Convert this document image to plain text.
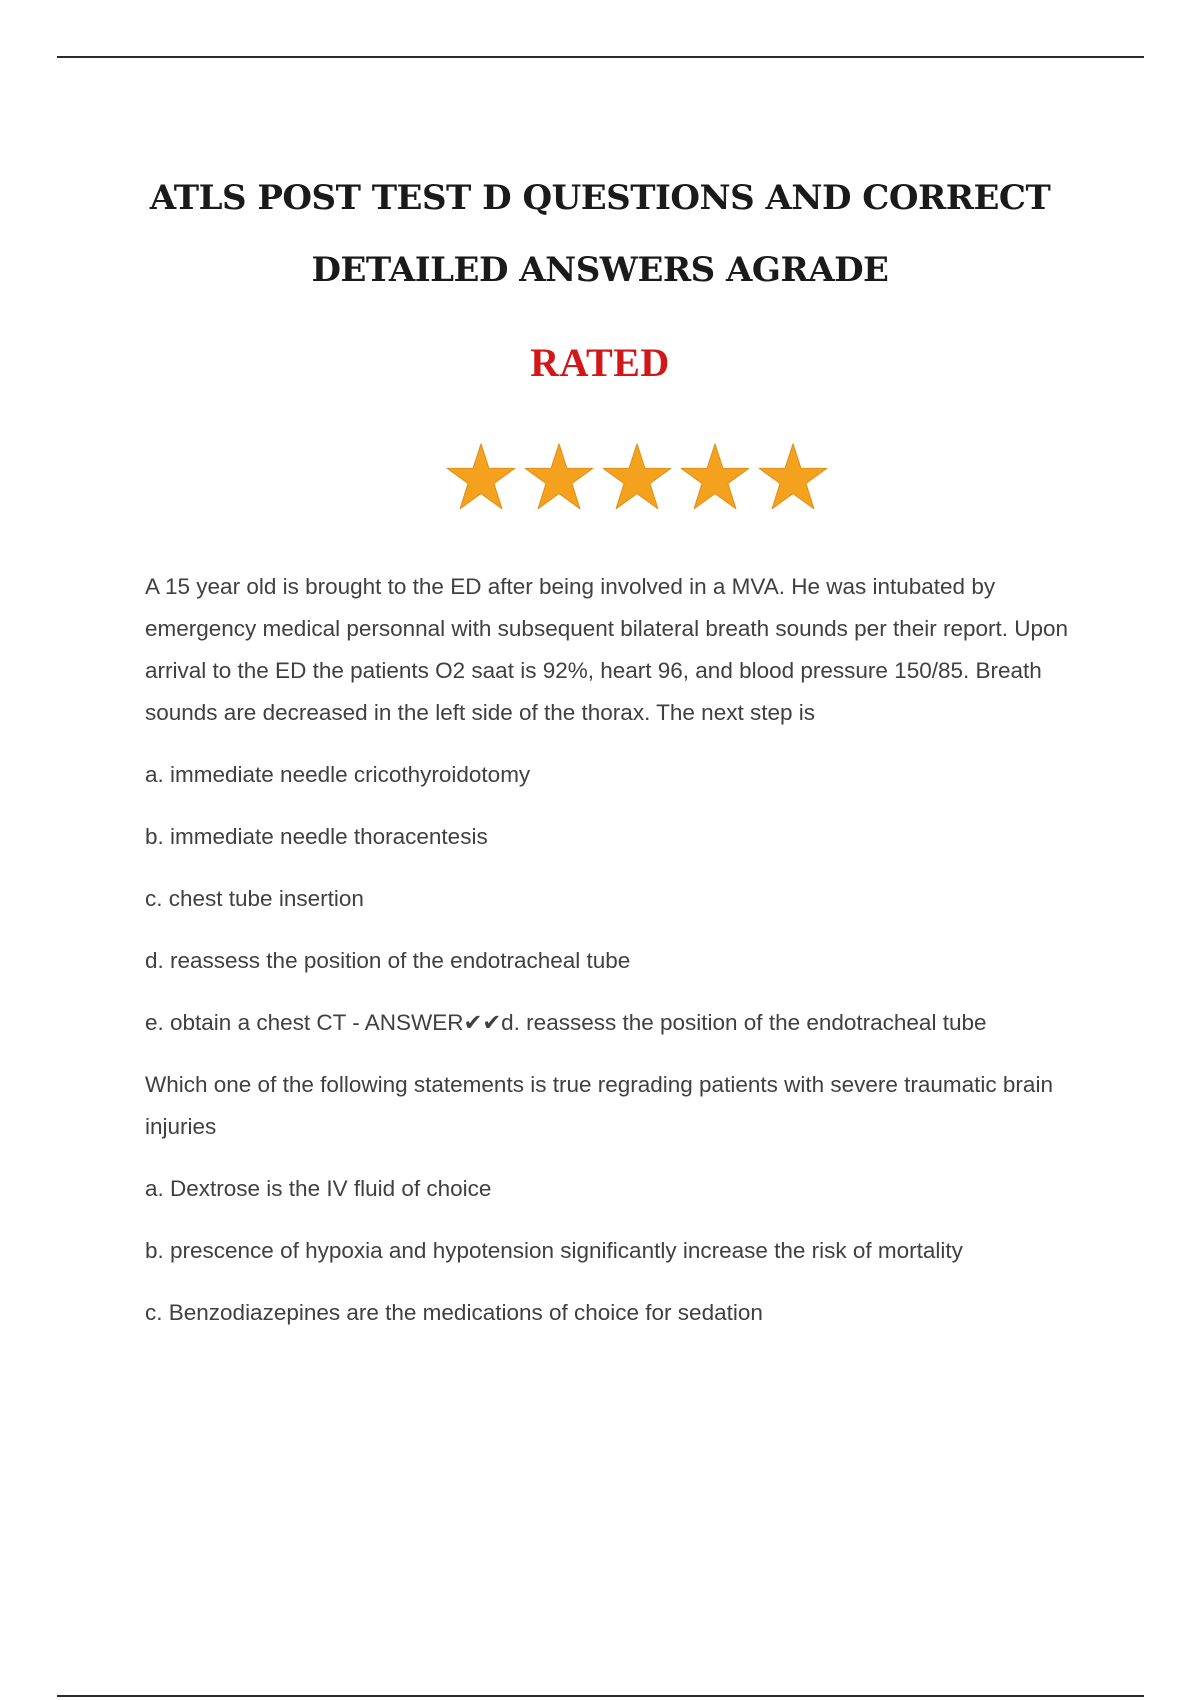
ATLS POST TEST D QUESTIONS AND CORRECT
DETAILED ANSWERS AGRADE
RATED

A 15 year old is brought to the ED after being involved in a MVA. He was intubated by emergency medical personnal with subsequent bilateral breath sounds per their report. Upon arrival to the ED the patients O2 saat is 92%, heart 96, and blood pressure 150/85. Breath sounds are decreased in the left side of the thorax. The next step is

a. immediate needle cricothyroidotomy

b. immediate needle thoracentesis

c. chest tube insertion

d. reassess the position of the endotracheal tube

e. obtain a chest CT - ANSWER✔✔d. reassess the position of the endotracheal tube

Which one of the following statements is true regrading patients with severe traumatic brain injuries

a. Dextrose is the IV fluid of choice

b. prescence of hypoxia and hypotension significantly increase the risk of mortality

c. Benzodiazepines are the medications of choice for sedation
